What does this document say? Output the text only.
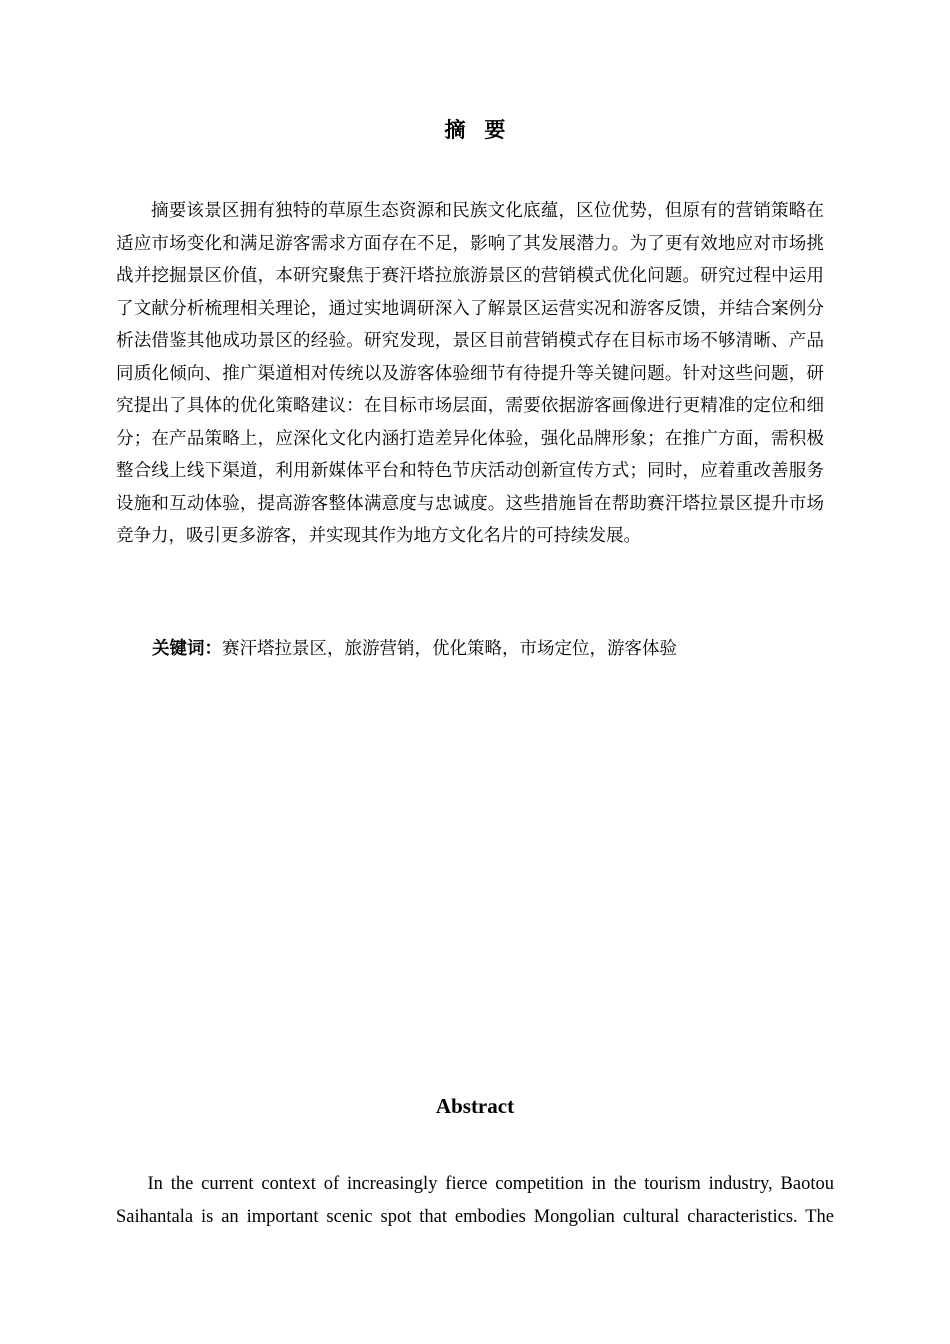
摘要

摘要该景区拥有独特的草原生态资源和民族文化底蕴，区位优势，但原有的营销策略在适应市场变化和满足游客需求方面存在不足，影响了其发展潜力。为了更有效地应对市场挑战并挖掘景区价值，本研究聚焦于赛汗塔拉旅游景区的营销模式优化问题。研究过程中运用了文献分析梳理相关理论，通过实地调研深入了解景区运营实况和游客反馈，并结合案例分析法借鉴其他成功景区的经验。研究发现，景区目前营销模式存在目标市场不够清晰、产品同质化倾向、推广渠道相对传统以及游客体验细节有待提升等关键问题。针对这些问题，研究提出了具体的优化策略建议：在目标市场层面，需要依据游客画像进行更精准的定位和细分；在产品策略上，应深化文化内涵打造差异化体验，强化品牌形象；在推广方面，需积极整合线上线下渠道，利用新媒体平台和特色节庆活动创新宣传方式；同时，应着重改善服务设施和互动体验，提高游客整体满意度与忠诚度。这些措施旨在帮助赛汗塔拉景区提升市场竞争力，吸引更多游客，并实现其作为地方文化名片的可持续发展。

关键词：赛汗塔拉景区，旅游营销，优化策略，市场定位，游客体验

Abstract

In the current context of increasingly fierce competition in the tourism industry, Baotou Saihantala is an important scenic spot that embodies Mongolian cultural characteristics. The
